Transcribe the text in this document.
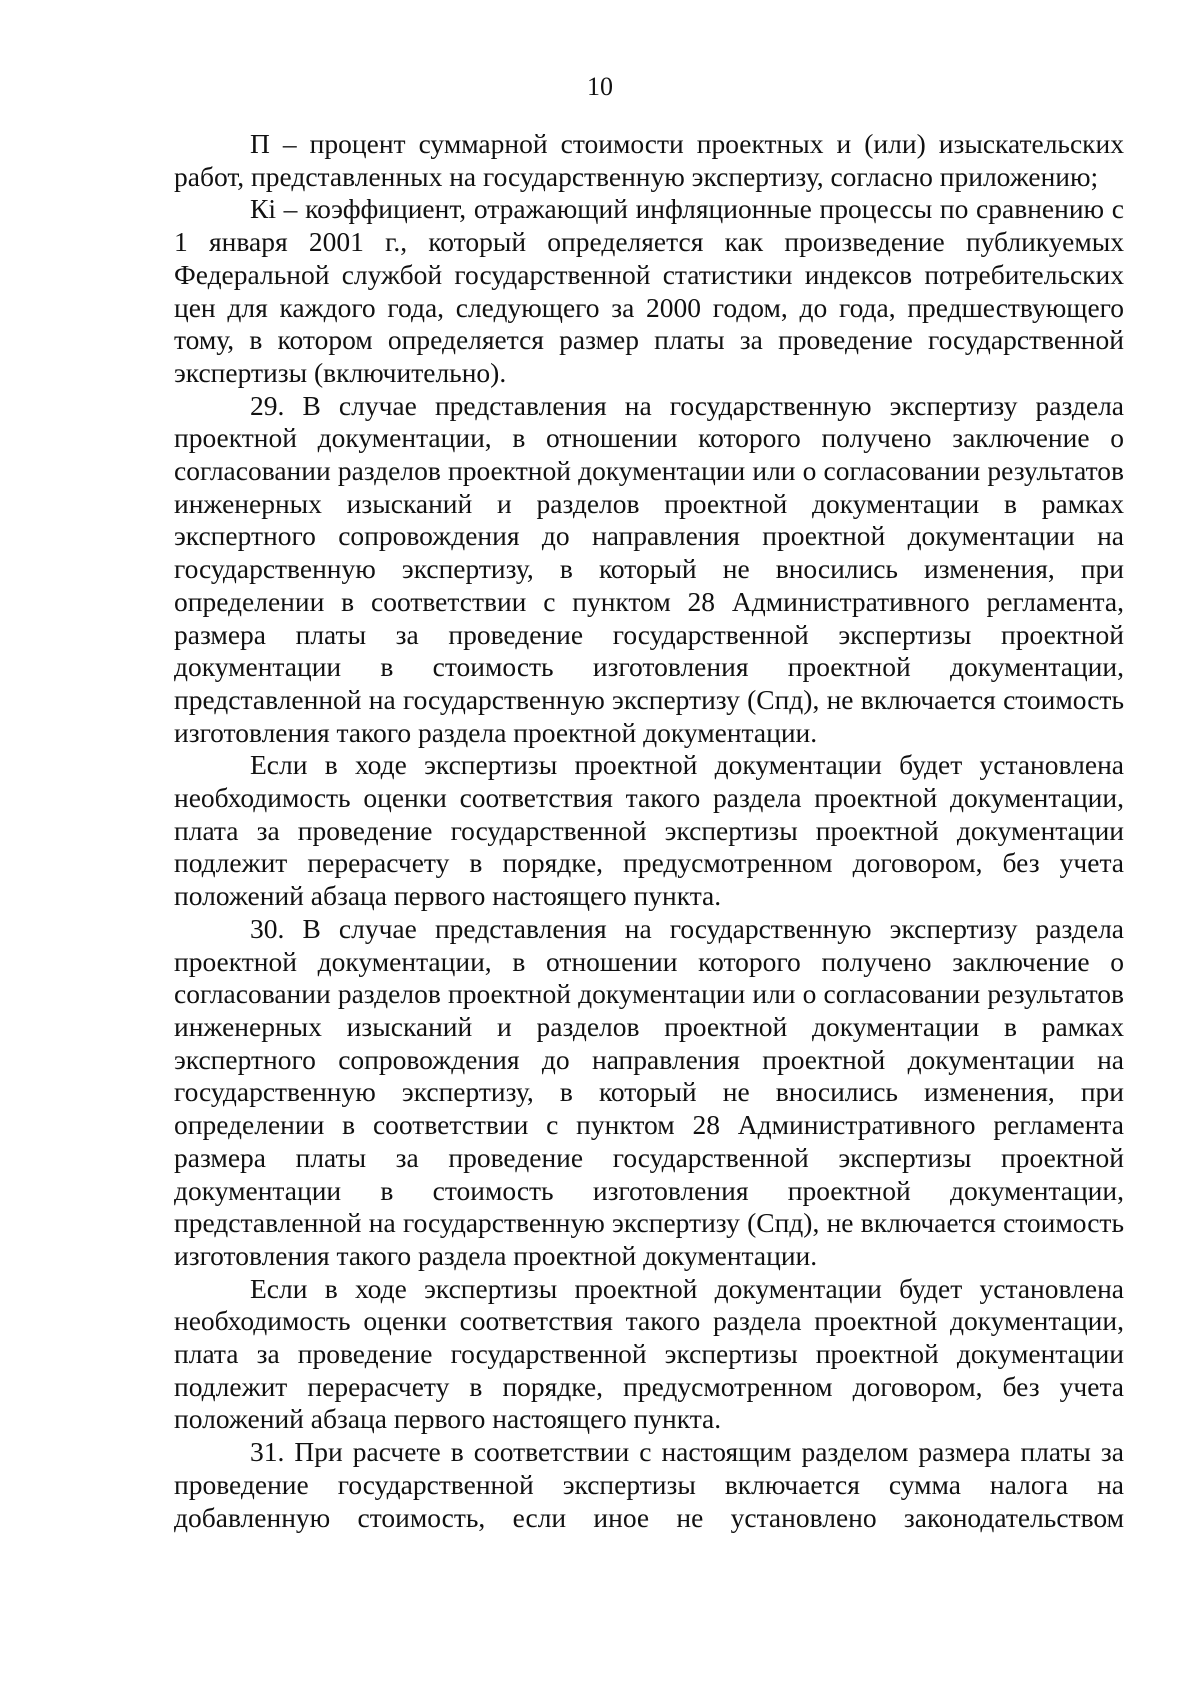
10

П – процент суммарной стоимости проектных и (или) изыскательских работ, представленных на государственную экспертизу, согласно приложению;

Кi – коэффициент, отражающий инфляционные процессы по сравнению с 1 января 2001 г., который определяется как произведение публикуемых Федеральной службой государственной статистики индексов потребительских цен для каждого года, следующего за 2000 годом, до года, предшествующего тому, в котором определяется размер платы за проведение государственной экспертизы (включительно).

29. В случае представления на государственную экспертизу раздела проектной документации, в отношении которого получено заключение о согласовании разделов проектной документации или о согласовании результатов инженерных изысканий и разделов проектной документации в рамках экспертного сопровождения до направления проектной документации на государственную экспертизу, в который не вносились изменения, при определении в соответствии с пунктом 28 Административного регламента, размера платы за проведение государственной экспертизы проектной документации в стоимость изготовления проектной документации, представленной на государственную экспертизу (Спд), не включается стоимость изготовления такого раздела проектной документации.

Если в ходе экспертизы проектной документации будет установлена необходимость оценки соответствия такого раздела проектной документации, плата за проведение государственной экспертизы проектной документации подлежит перерасчету в порядке, предусмотренном договором, без учета положений абзаца первого настоящего пункта.

30. В случае представления на государственную экспертизу раздела проектной документации, в отношении которого получено заключение о согласовании разделов проектной документации или о согласовании результатов инженерных изысканий и разделов проектной документации в рамках экспертного сопровождения до направления проектной документации на государственную экспертизу, в который не вносились изменения, при определении в соответствии с пунктом 28 Административного регламента размера платы за проведение государственной экспертизы проектной документации в стоимость изготовления проектной документации, представленной на государственную экспертизу (Спд), не включается стоимость изготовления такого раздела проектной документации.

Если в ходе экспертизы проектной документации будет установлена необходимость оценки соответствия такого раздела проектной документации, плата за проведение государственной экспертизы проектной документации подлежит перерасчету в порядке, предусмотренном договором, без учета положений абзаца первого настоящего пункта.

31. При расчете в соответствии с настоящим разделом размера платы за проведение государственной экспертизы включается сумма налога на добавленную стоимость, если иное не установлено законодательством
